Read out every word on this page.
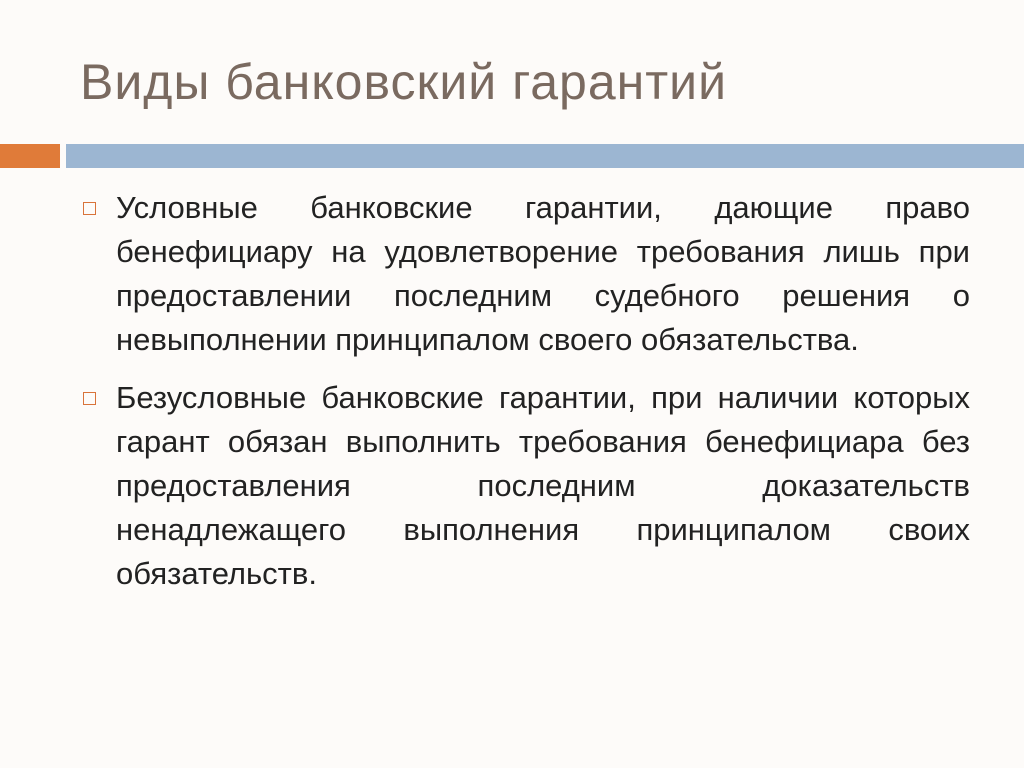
Виды банковский гарантий
Условные банковские гарантии, дающие право бенефициару на удовлетворение требования лишь при предоставлении последним судебного решения о невыполнении принципалом своего обязательства.
Безусловные банковские гарантии, при наличии которых гарант обязан выполнить требования бенефициара без предоставления последним доказательств ненадлежащего выполнения принципалом своих обязательств.
